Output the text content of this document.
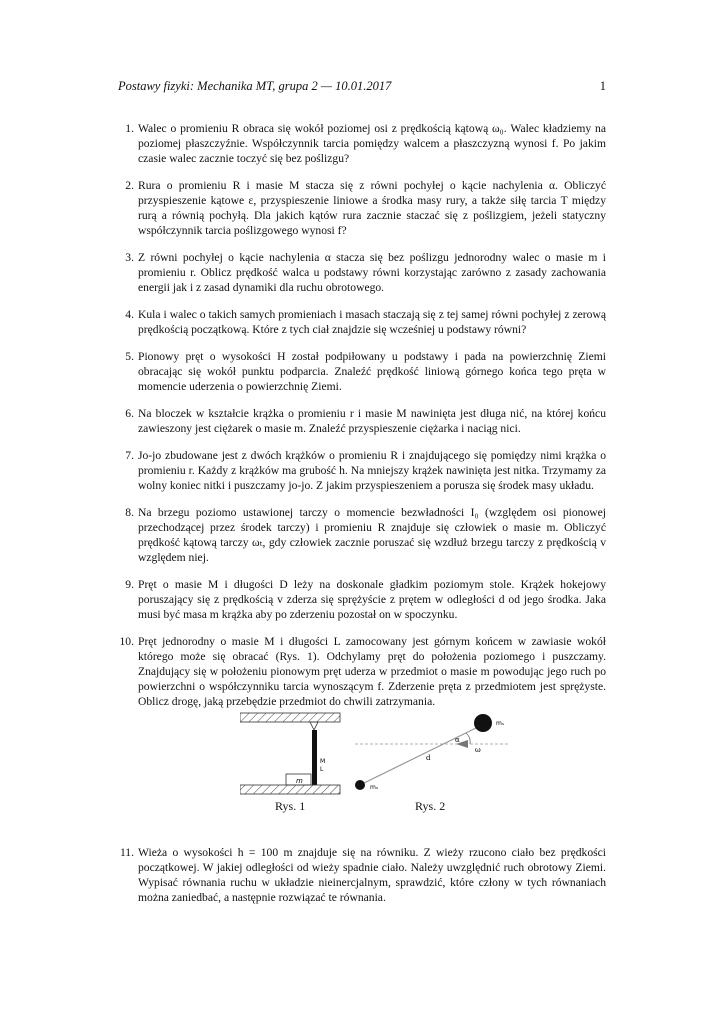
Postawy fizyki: Mechanika MT, grupa 2 — 10.01.2017	1
1. Walec o promieniu R obraca się wokół poziomej osi z prędkością kątową ω₀. Walec kładziemy na poziomej płaszczyźnie. Współczynnik tarcia pomiędzy walcem a płaszczyzną wynosi f. Po jakim czasie walec zacznie toczyć się bez poślizgu?
2. Rura o promieniu R i masie M stacza się z równi pochyłej o kącie nachylenia α. Obliczyć przyspieszenie kątowe ε, przyspieszenie liniowe a środka masy rury, a także siłę tarcia T między rurą a równią pochyłą. Dla jakich kątów rura zacznie staczać się z poślizgiem, jeżeli statyczny współczynnik tarcia poślizgowego wynosi f?
3. Z równi pochyłej o kącie nachylenia α stacza się bez poślizgu jednorodny walec o masie m i promieniu r. Oblicz prędkość walca u podstawy równi korzystając zarówno z zasady zachowania energii jak i z zasad dynamiki dla ruchu obrotowego.
4. Kula i walec o takich samych promieniach i masach staczają się z tej samej równi pochyłej z zerową prędkością początkową. Które z tych ciał znajdzie się wcześniej u podstawy równi?
5. Pionowy pręt o wysokości H został podpiłowany u podstawy i pada na powierzchnię Ziemi obracając się wokół punktu podparcia. Znaleźć prędkość liniową górnego końca tego pręta w momencie uderzenia o powierzchnię Ziemi.
6. Na bloczek w kształcie krążka o promieniu r i masie M nawinięta jest długa nić, na której końcu zawieszony jest ciężarek o masie m. Znaleźć przyspieszenie ciężarka i naciąg nici.
7. Jo-jo zbudowane jest z dwóch krążków o promieniu R i znajdującego się pomiędzy nimi krążka o promieniu r. Każdy z krążków ma grubość h. Na mniejszy krążek nawinięta jest nitka. Trzymamy za wolny koniec nitki i puszczamy jo-jo. Z jakim przyspieszeniem a porusza się środek masy układu.
8. Na brzegu poziomo ustawionej tarczy o momencie bezwładności I₀ (względem osi pionowej przechodzącej przez środek tarczy) i promieniu R znajduje się człowiek o masie m. Obliczyć prędkość kątową tarczy ωₜ, gdy człowiek zacznie poruszać się wzdłuż brzegu tarczy z prędkością v względem niej.
9. Pręt o masie M i długości D leży na doskonale gładkim poziomym stole. Krążek hokejowy poruszający się z prędkością v zderza się sprężyście z prętem w odległości d od jego środka. Jaka musi być masa m krążka aby po zderzeniu pozostał on w spoczynku.
10. Pręt jednorodny o masie M i długości L zamocowany jest górnym końcem w zawiasie wokół którego może się obracać (Rys. 1). Odchylamy pręt do położenia poziomego i puszczamy. Znajdujący się w położeniu pionowym pręt uderza w przedmiot o masie m powodując jego ruch po powierzchni o współczynniku tarcia wynoszącym f. Zderzenie pręta z przedmiotem jest sprężyste. Oblicz drogę, jaką przebędzie przedmiot do chwili zatrzymania.
M
L
m
mₛ
mₛ
α
ω
d
Rys. 1	Rys. 2
11. Wieża o wysokości h = 100 m znajduje się na równiku. Z wieży rzucono ciało bez prędkości początkowej. W jakiej odległości od wieży spadnie ciało. Należy uwzględnić ruch obrotowy Ziemi. Wypisać równania ruchu w układzie nieinercjalnym, sprawdzić, które człony w tych równaniach można zaniedbać, a następnie rozwiązać te równania.
